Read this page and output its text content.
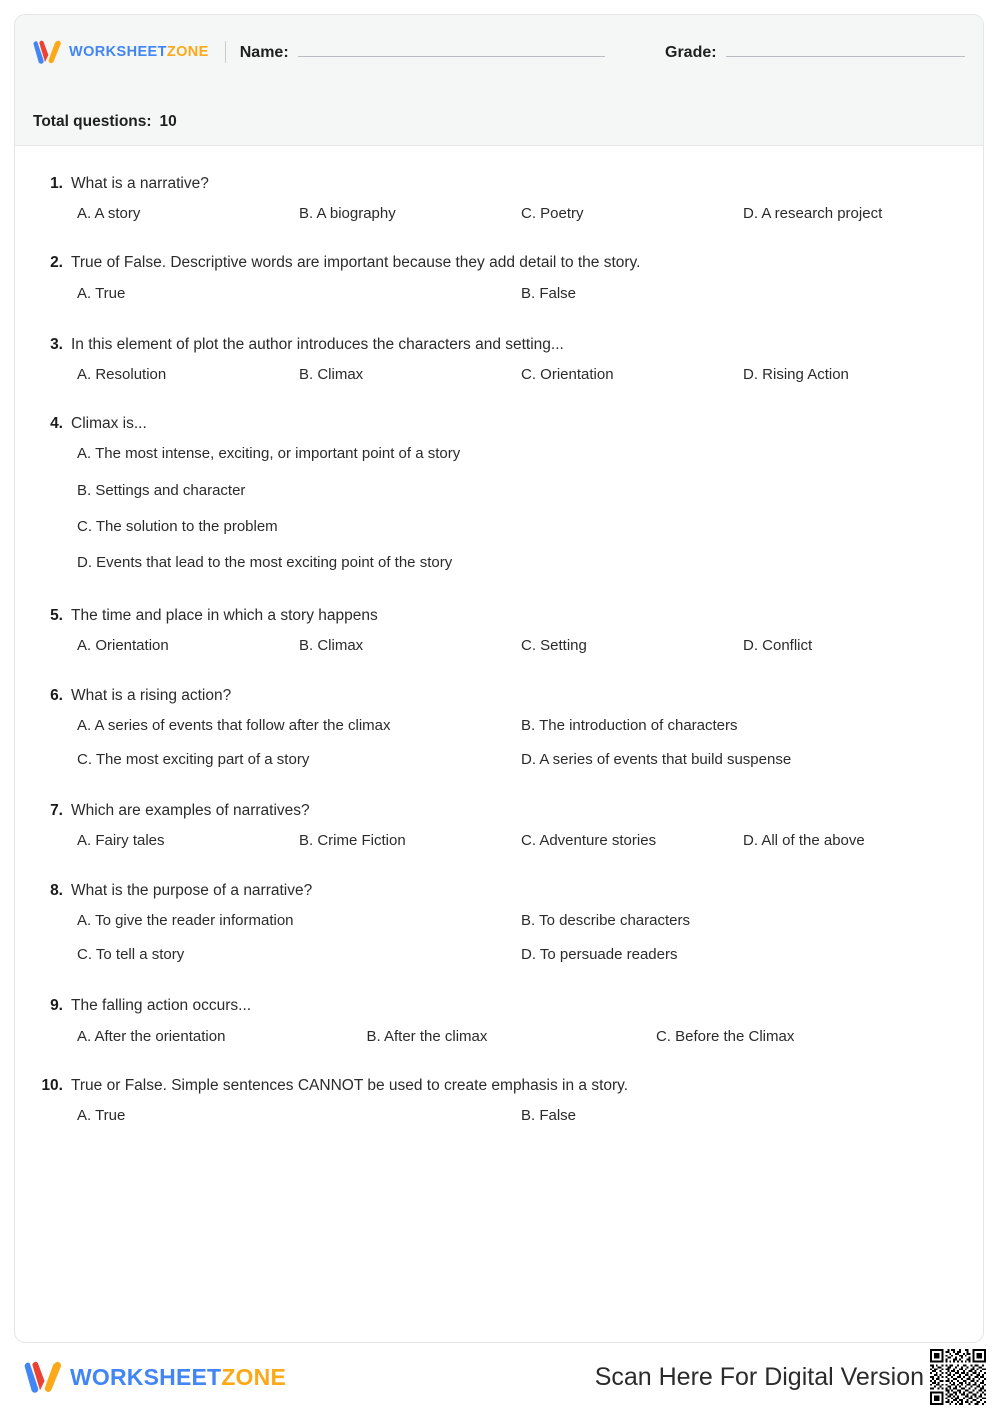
WORKSHEETZONE Name:	Grade:
Total questions: 10
1. What is a narrative?
A. A story	B. A biography	C. Poetry	D. A research project
2. True of False. Descriptive words are important because they add detail to the story.
A. True	B. False
3. In this element of plot the author introduces the characters and setting...
A. Resolution	B. Climax	C. Orientation	D. Rising Action
4. Climax is...
A. The most intense, exciting, or important point of a story
B. Settings and character
C. The solution to the problem
D. Events that lead to the most exciting point of the story
5. The time and place in which a story happens
A. Orientation	B. Climax	C. Setting	D. Conflict
6. What is a rising action?
A. A series of events that follow after the climax	B. The introduction of characters
C. The most exciting part of a story	D. A series of events that build suspense
7. Which are examples of narratives?
A. Fairy tales	B. Crime Fiction	C. Adventure stories	D. All of the above
8. What is the purpose of a narrative?
A. To give the reader information	B. To describe characters
C. To tell a story	D. To persuade readers
9. The falling action occurs...
A. After the orientation	B. After the climax	C. Before the Climax
10. True or False. Simple sentences CANNOT be used to create emphasis in a story.
A. True	B. False
WORKSHEETZONE	Scan Here For Digital Version
